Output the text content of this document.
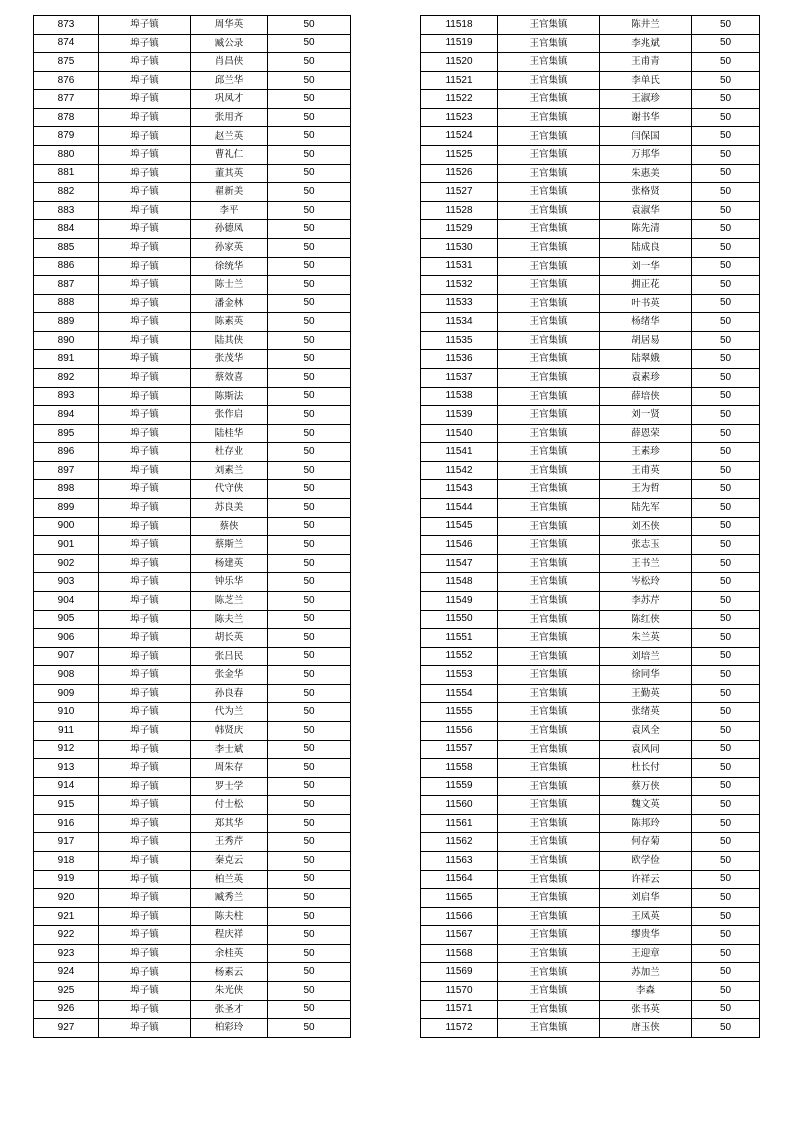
873	埠子镇	周华英	50
874	埠子镇	臧公录	50
875	埠子镇	肖昌侠	50
876	埠子镇	邱兰华	50
877	埠子镇	巩凤才	50
878	埠子镇	张用齐	50
879	埠子镇	赵兰英	50
880	埠子镇	曹礼仁	50
881	埠子镇	董其英	50
882	埠子镇	翟新美	50
883	埠子镇	李平	50
884	埠子镇	孙德凤	50
885	埠子镇	孙家英	50
886	埠子镇	徐统华	50
887	埠子镇	陈士兰	50
888	埠子镇	潘金林	50
889	埠子镇	陈素英	50
890	埠子镇	陆其侠	50
891	埠子镇	张茂华	50
892	埠子镇	蔡效喜	50
893	埠子镇	陈斯法	50
894	埠子镇	张作启	50
895	埠子镇	陆桂华	50
896	埠子镇	杜存业	50
897	埠子镇	刘素兰	50
898	埠子镇	代守侠	50
899	埠子镇	苏良美	50
900	埠子镇	蔡侠	50
901	埠子镇	蔡斯兰	50
902	埠子镇	杨建英	50
903	埠子镇	钟乐华	50
904	埠子镇	陈芝兰	50
905	埠子镇	陈夫兰	50
906	埠子镇	胡长英	50
907	埠子镇	张吕民	50
908	埠子镇	张金华	50
909	埠子镇	孙良春	50
910	埠子镇	代为兰	50
911	埠子镇	韩贤庆	50
912	埠子镇	李士斌	50
913	埠子镇	周朱存	50
914	埠子镇	罗士学	50
915	埠子镇	付士松	50
916	埠子镇	郑其华	50
917	埠子镇	王秀芹	50
918	埠子镇	秦克云	50
919	埠子镇	柏兰英	50
920	埠子镇	臧秀兰	50
921	埠子镇	陈夫柱	50
922	埠子镇	程庆祥	50
923	埠子镇	余桂英	50
924	埠子镇	杨素云	50
925	埠子镇	朱光侠	50
926	埠子镇	张圣才	50
927	埠子镇	柏彩玲	50
11518	王官集镇	陈井兰	50
11519	王官集镇	李兆斌	50
11520	王官集镇	王甫青	50
11521	王官集镇	李单氏	50
11522	王官集镇	王淑珍	50
11523	王官集镇	谢书华	50
11524	王官集镇	闫保国	50
11525	王官集镇	万邦华	50
11526	王官集镇	朱惠美	50
11527	王官集镇	张格贤	50
11528	王官集镇	袁淑华	50
11529	王官集镇	陈先清	50
11530	王官集镇	陆成良	50
11531	王官集镇	刘一华	50
11532	王官集镇	拥正花	50
11533	王官集镇	叶书英	50
11534	王官集镇	杨绪华	50
11535	王官集镇	胡居易	50
11536	王官集镇	陆翠娥	50
11537	王官集镇	袁素珍	50
11538	王官集镇	薛培侠	50
11539	王官集镇	刘一贤	50
11540	王官集镇	薛恩荣	50
11541	王官集镇	王素珍	50
11542	王官集镇	王甫英	50
11543	王官集镇	王为哲	50
11544	王官集镇	陆先军	50
11545	王官集镇	刘丕侠	50
11546	王官集镇	张志玉	50
11547	王官集镇	王书兰	50
11548	王官集镇	岑松玲	50
11549	王官集镇	李苏芹	50
11550	王官集镇	陈红侠	50
11551	王官集镇	朱兰英	50
11552	王官集镇	刘培兰	50
11553	王官集镇	徐同华	50
11554	王官集镇	王勤英	50
11555	王官集镇	张绪英	50
11556	王官集镇	袁风全	50
11557	王官集镇	袁风同	50
11558	王官集镇	杜长付	50
11559	王官集镇	蔡万侠	50
11560	王官集镇	魏文英	50
11561	王官集镇	陈邦玲	50
11562	王官集镇	何存菊	50
11563	王官集镇	欧学俭	50
11564	王官集镇	许祥云	50
11565	王官集镇	刘启华	50
11566	王官集镇	王凤英	50
11567	王官集镇	缪贵华	50
11568	王官集镇	王迎章	50
11569	王官集镇	苏加兰	50
11570	王官集镇	李森	50
11571	王官集镇	张书英	50
11572	王官集镇	唐玉侠	50
